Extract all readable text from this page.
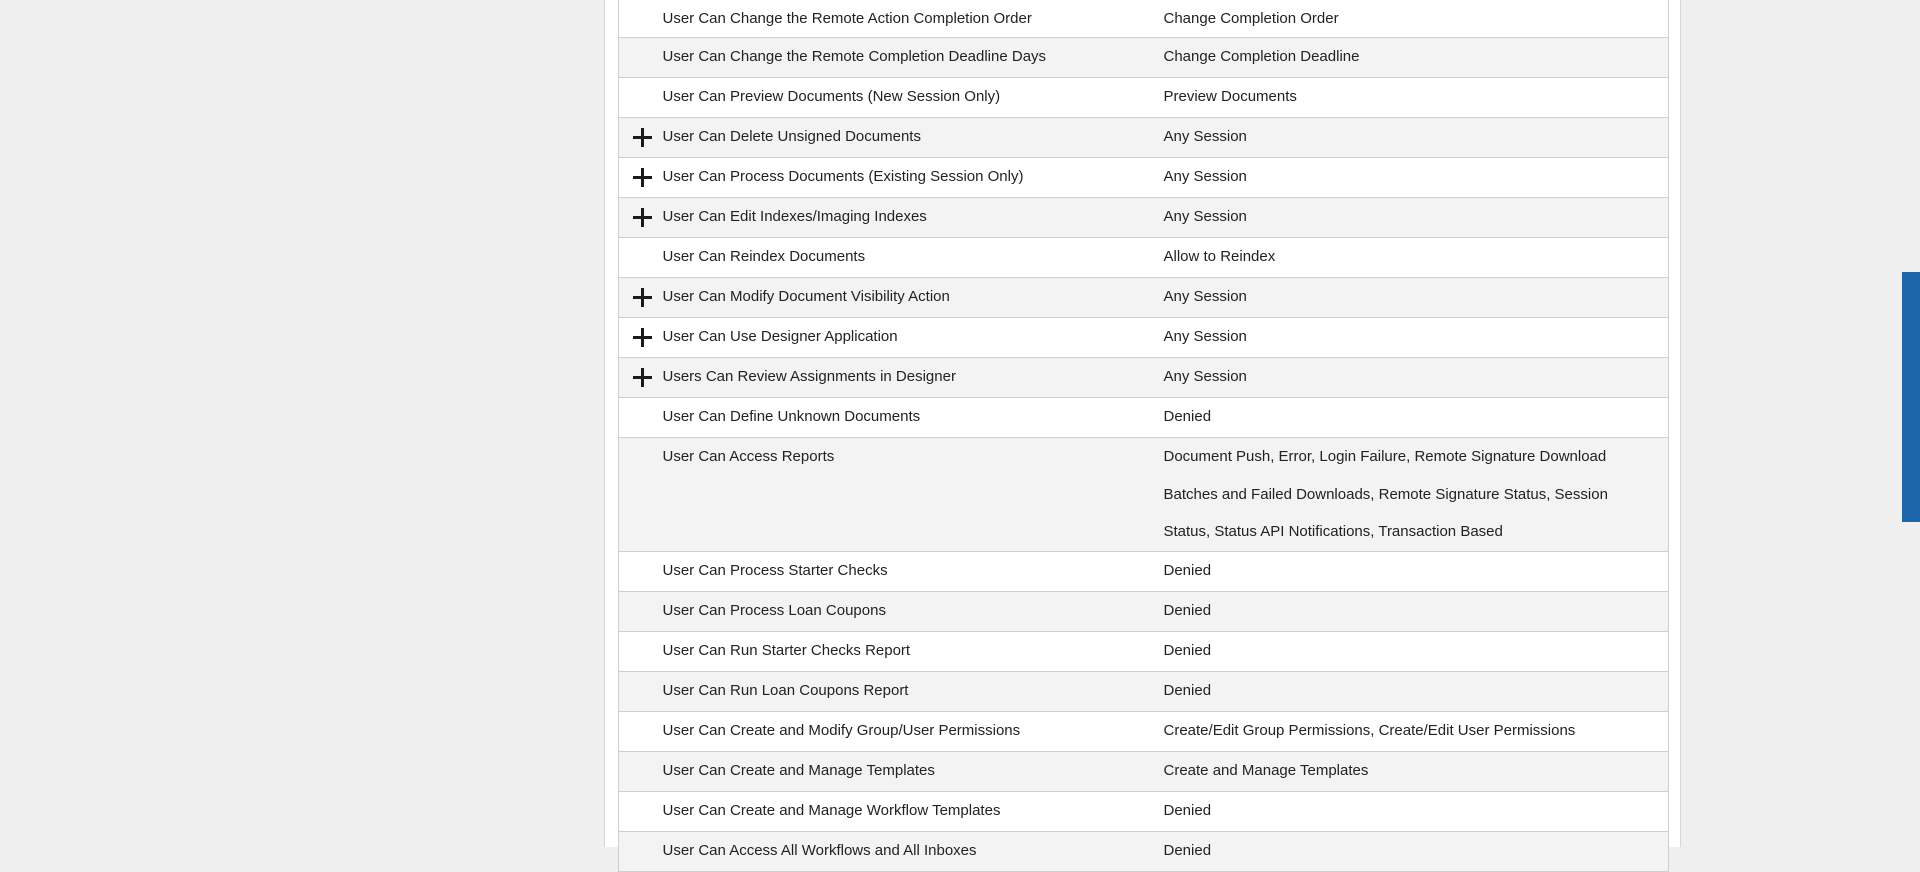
	User Can Change the Remote Action Completion Order	Change Completion Order
	User Can Change the Remote Completion Deadline Days	Change Completion Deadline
	User Can Preview Documents (New Session Only)	Preview Documents

	User Can Delete Unsigned Documents	Any Session

	User Can Process Documents (Existing Session Only)	Any Session

	User Can Edit Indexes/Imaging Indexes	Any Session
	User Can Reindex Documents	Allow to Reindex

	User Can Modify Document Visibility Action	Any Session

	User Can Use Designer Application	Any Session

	Users Can Review Assignments in Designer	Any Session
	User Can Define Unknown Documents	Denied
	User Can Access Reports	Document Push, Error, Login Failure, Remote Signature Download Batches and Failed Downloads, Remote Signature Status, Session Status, Status API Notifications, Transaction Based

	User Can Process Starter Checks	Denied
	User Can Process Loan Coupons	Denied
	User Can Run Starter Checks Report	Denied
	User Can Run Loan Coupons Report	Denied
	User Can Create and Modify Group/User Permissions	Create/Edit Group Permissions, Create/Edit User Permissions
	User Can Create and Manage Templates	Create and Manage Templates
	User Can Create and Manage Workflow Templates	Denied
	User Can Access All Workflows and All Inboxes	Denied
